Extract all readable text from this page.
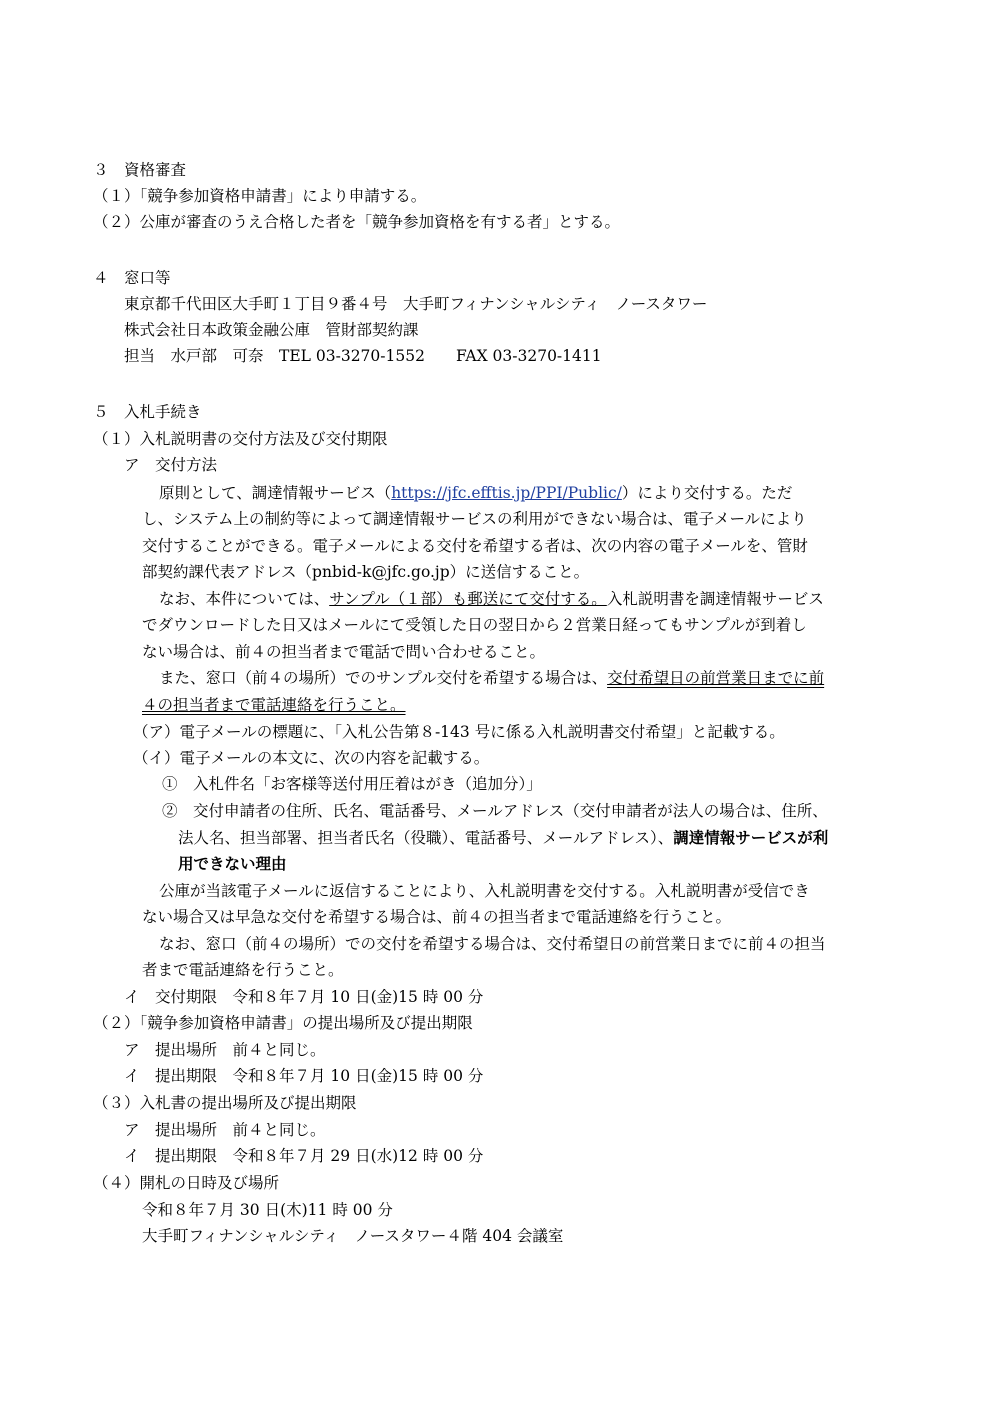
３　資格審査
（１）「競争参加資格申請書」により申請する。
（２）公庫が審査のうえ合格した者を「競争参加資格を有する者」とする。
４　窓口等
東京都千代田区大手町１丁目９番４号　大手町フィナンシャルシティ　ノースタワー
株式会社日本政策金融公庫　管財部契約課
担当　水戸部　可奈　TEL 03-3270-1552　　FAX 03-3270-1411
５　入札手続き
（１）入札説明書の交付方法及び交付期限
ア　交付方法
原則として、調達情報サービス（https://jfc.efftis.jp/PPI/Public/）により交付する。ただ
し、システム上の制約等によって調達情報サービスの利用ができない場合は、電子メールにより
交付することができる。電子メールによる交付を希望する者は、次の内容の電子メールを、管財
部契約課代表アドレス（pnbid-k@jfc.go.jp）に送信すること。
なお、本件については、サンプル（１部）も郵送にて交付する。入札説明書を調達情報サービス
でダウンロードした日又はメールにて受領した日の翌日から２営業日経ってもサンプルが到着し
ない場合は、前４の担当者まで電話で問い合わせること。
また、窓口（前４の場所）でのサンプル交付を希望する場合は、交付希望日の前営業日までに前
４の担当者まで電話連絡を行うこと。
（ア）電子メールの標題に、「入札公告第８-143 号に係る入札説明書交付希望」と記載する。
（イ）電子メールの本文に、次の内容を記載する。
①　入札件名「お客様等送付用圧着はがき（追加分）」
②　交付申請者の住所、氏名、電話番号、メールアドレス（交付申請者が法人の場合は、住所、
法人名、担当部署、担当者氏名（役職）、電話番号、メールアドレス）、調達情報サービスが利
用できない理由
公庫が当該電子メールに返信することにより、入札説明書を交付する。入札説明書が受信でき
ない場合又は早急な交付を希望する場合は、前４の担当者まで電話連絡を行うこと。
なお、窓口（前４の場所）での交付を希望する場合は、交付希望日の前営業日までに前４の担当
者まで電話連絡を行うこと。
イ　交付期限　令和８年７月 10 日(金)15 時 00 分
（２）「競争参加資格申請書」の提出場所及び提出期限
ア　提出場所　前４と同じ。
イ　提出期限　令和８年７月 10 日(金)15 時 00 分
（３）入札書の提出場所及び提出期限
ア　提出場所　前４と同じ。
イ　提出期限　令和８年７月 29 日(水)12 時 00 分
（４）開札の日時及び場所
令和８年７月 30 日(木)11 時 00 分
大手町フィナンシャルシティ　ノースタワー４階 404 会議室
